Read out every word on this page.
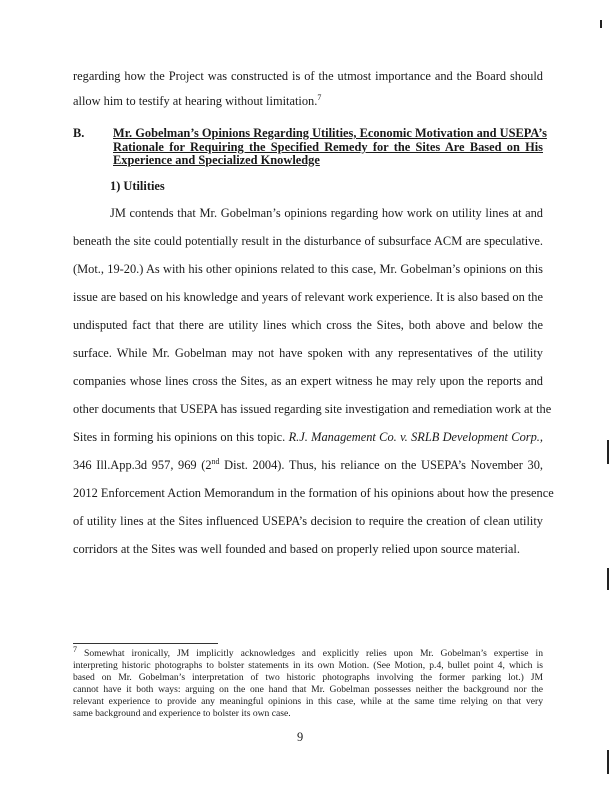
regarding how the Project was constructed is of the utmost importance and the Board should
allow him to testify at hearing without limitation.$^7$
B. Mr. Gobelman’s Opinions Regarding Utilities, Economic Motivation and USEPA’s
Rationale for Requiring the Specified Remedy for the Sites Are Based on His
Experience and Specialized Knowledge
1) Utilities
JM contends that Mr. Gobelman’s opinions regarding how work on utility lines at and
beneath the site could potentially result in the disturbance of subsurface ACM are speculative.
(Mot., 19-20.) As with his other opinions related to this case, Mr. Gobelman’s opinions on this
issue are based on his knowledge and years of relevant work experience. It is also based on the
undisputed fact that there are utility lines which cross the Sites, both above and below the
surface. While Mr. Gobelman may not have spoken with any representatives of the utility
companies whose lines cross the Sites, as an expert witness he may rely upon the reports and
other documents that USEPA has issued regarding site investigation and remediation work at the
Sites in forming his opinions on this topic. R.J. Management Co. v. SRLB Development Corp.,
346 Ill.App.3d 957, 969 (2nd Dist. 2004). Thus, his reliance on the USEPA’s November 30,
2012 Enforcement Action Memorandum in the formation of his opinions about how the presence
of utility lines at the Sites influenced USEPA’s decision to require the creation of clean utility
corridors at the Sites was well founded and based on properly relied upon source material.
$^7$ Somewhat ironically, JM implicitly acknowledges and explicitly relies upon Mr. Gobelman’s expertise in
interpreting historic photographs to bolster statements in its own Motion. (See Motion, p.4, bullet point 4, which is
based on Mr. Gobelman’s interpretation of two historic photographs involving the former parking lot.) JM
cannot have it both ways: arguing on the one hand that Mr. Gobelman possesses neither the background nor the
relevant experience to provide any meaningful opinions in this case, while at the same time relying on that very
same background and experience to bolster its own case.
9
